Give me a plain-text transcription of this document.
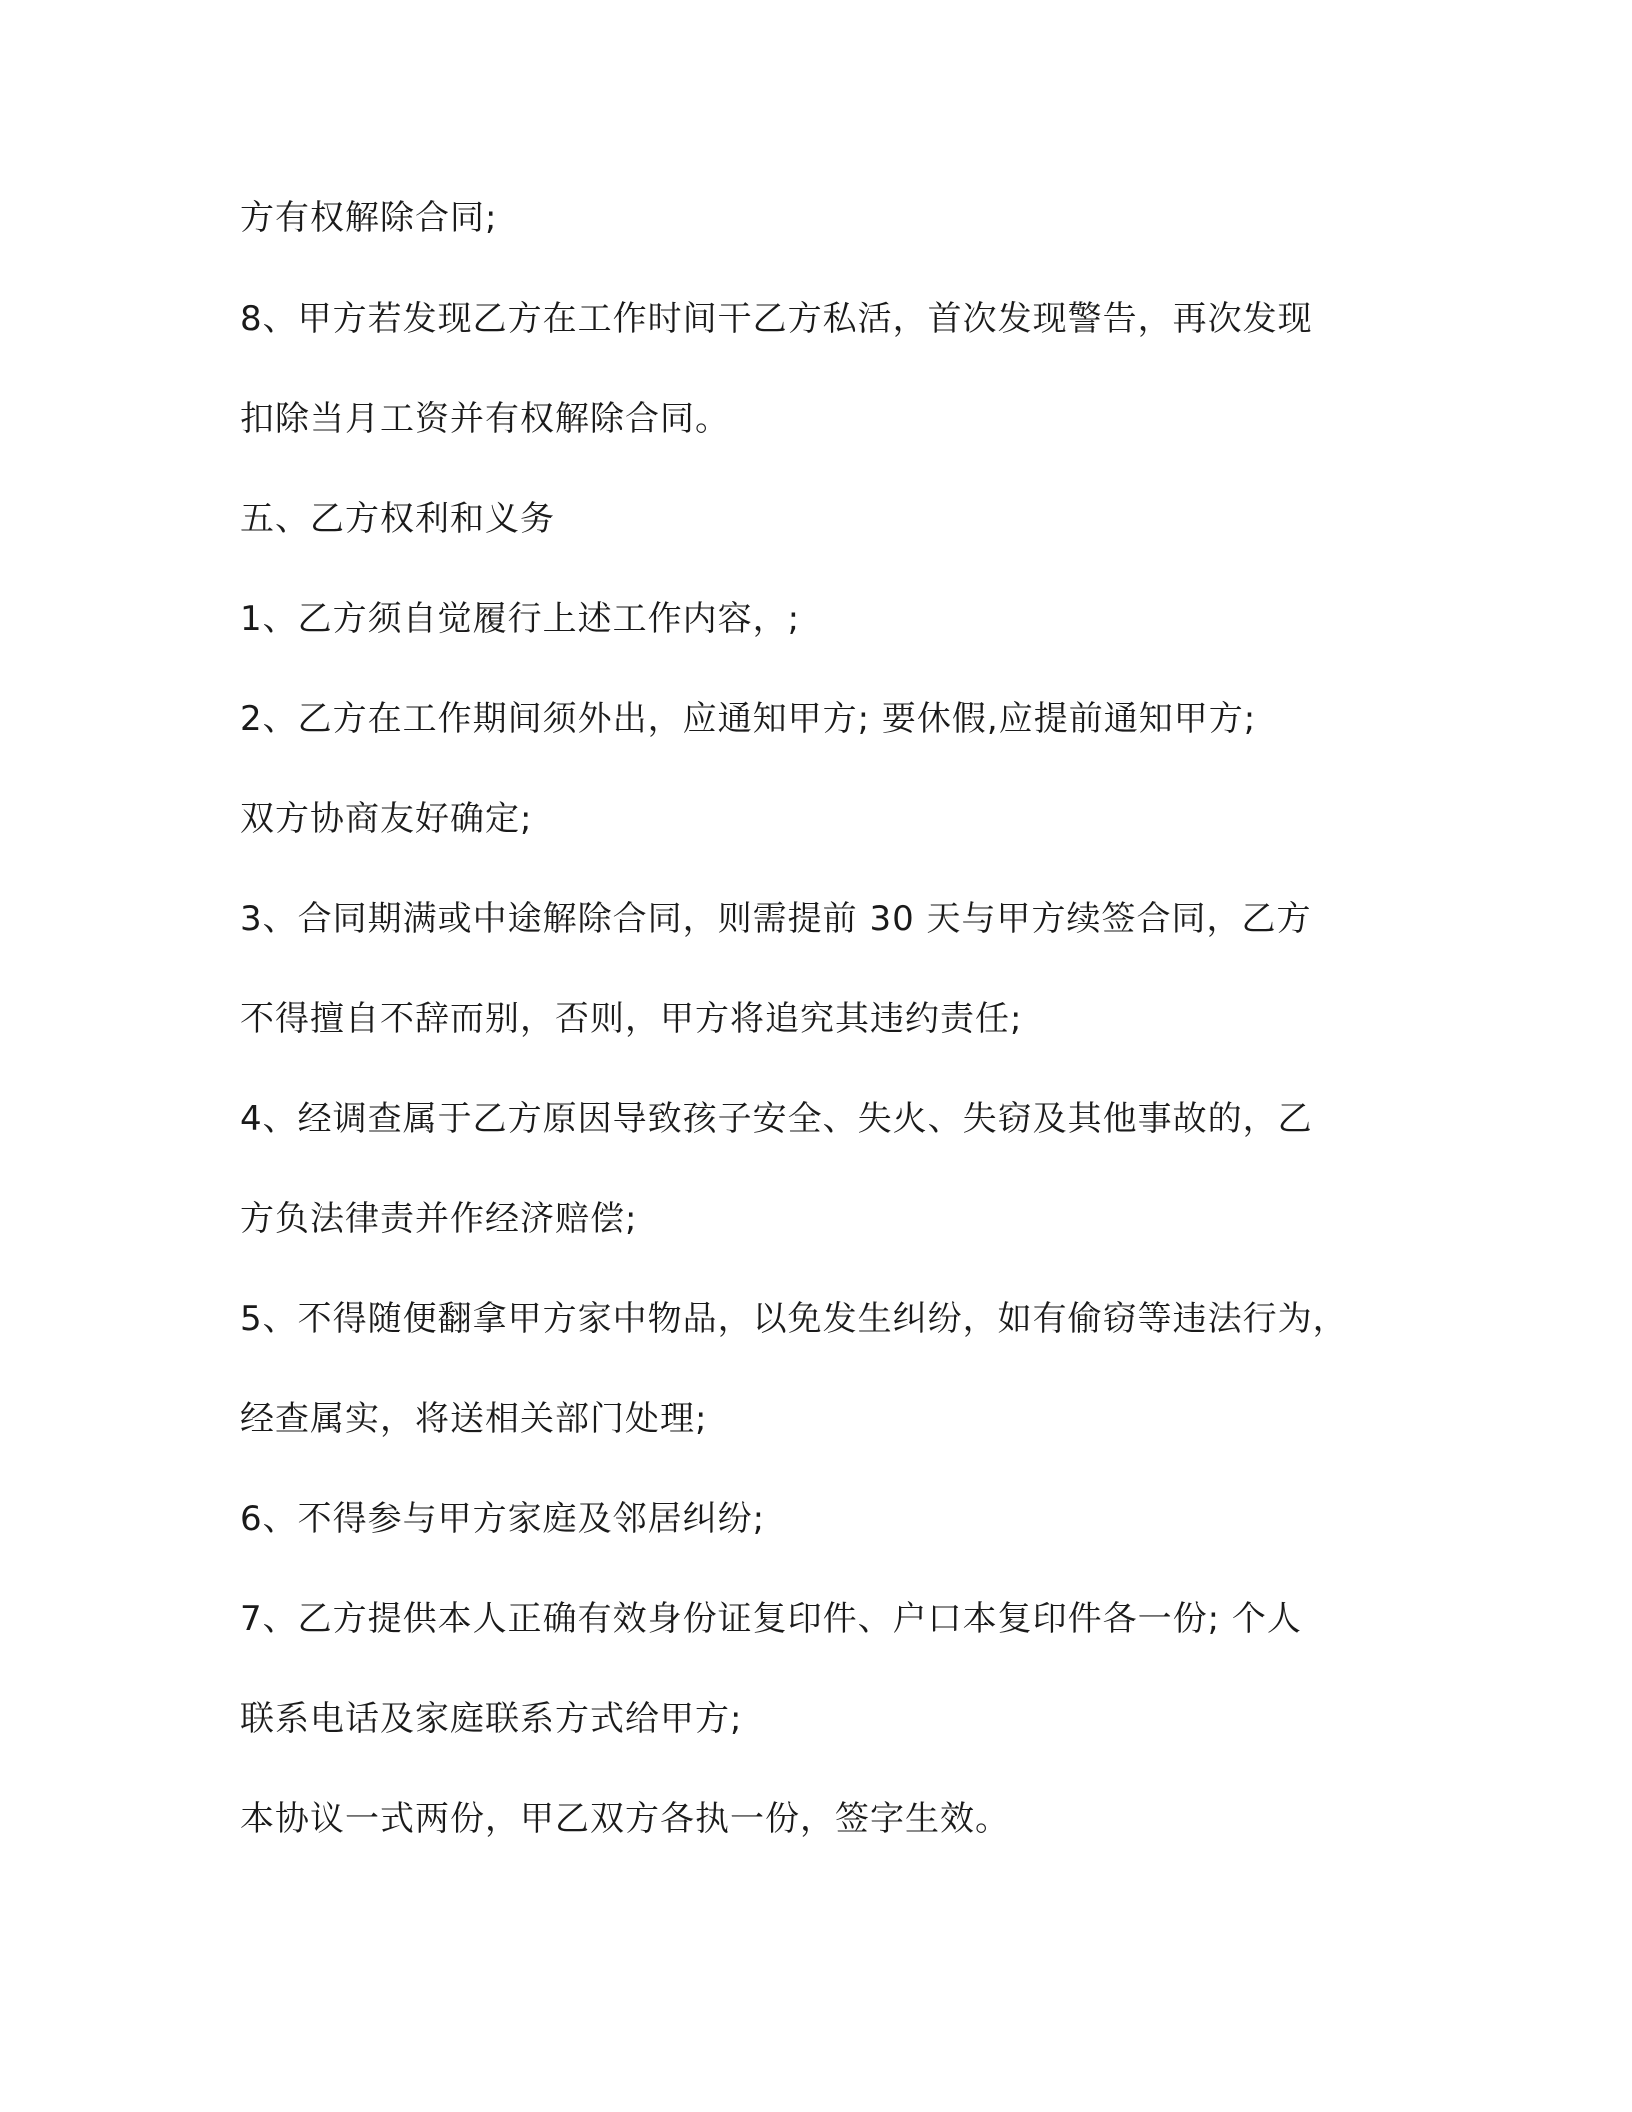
方有权解除合同;
8、甲方若发现乙方在工作时间干乙方私活，首次发现警告，再次发现
扣除当月工资并有权解除合同。
五、乙方权利和义务
1、乙方须自觉履行上述工作内容，;
2、乙方在工作期间须外出，应通知甲方; 要休假,应提前通知甲方;
双方协商友好确定;
3、合同期满或中途解除合同，则需提前 30 天与甲方续签合同，乙方
不得擅自不辞而别，否则，甲方将追究其违约责任;
4、经调查属于乙方原因导致孩子安全、失火、失窃及其他事故的，乙
方负法律责并作经济赔偿;
5、不得随便翻拿甲方家中物品，以免发生纠纷，如有偷窃等违法行为，
经查属实，将送相关部门处理;
6、不得参与甲方家庭及邻居纠纷;
7、乙方提供本人正确有效身份证复印件、户口本复印件各一份; 个人
联系电话及家庭联系方式给甲方;
本协议一式两份，甲乙双方各执一份，签字生效。
